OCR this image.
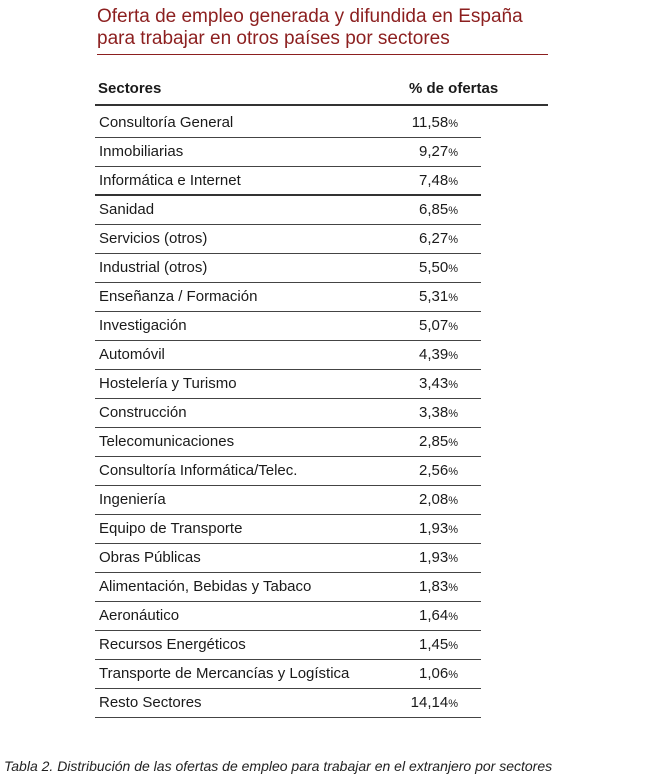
Oferta de empleo generada y difundida en España
para trabajar en otros países por sectores
Sectores	% de ofertas
Consultoría General	11,58%
Inmobiliarias	9,27%
Informática e Internet	7,48%
Sanidad	6,85%
Servicios (otros)	6,27%
Industrial (otros)	5,50%
Enseñanza / Formación	5,31%
Investigación	5,07%
Automóvil	4,39%
Hostelería y Turismo	3,43%
Construcción	3,38%
Telecomunicaciones	2,85%
Consultoría Informática/Telec.	2,56%
Ingeniería	2,08%
Equipo de Transporte	1,93%
Obras Públicas	1,93%
Alimentación, Bebidas y Tabaco	1,83%
Aeronáutico	1,64%
Recursos Energéticos	1,45%
Transporte de Mercancías y Logística	1,06%
Resto Sectores	14,14%
Tabla 2. Distribución de las ofertas de empleo para trabajar en el extranjero por sectores
